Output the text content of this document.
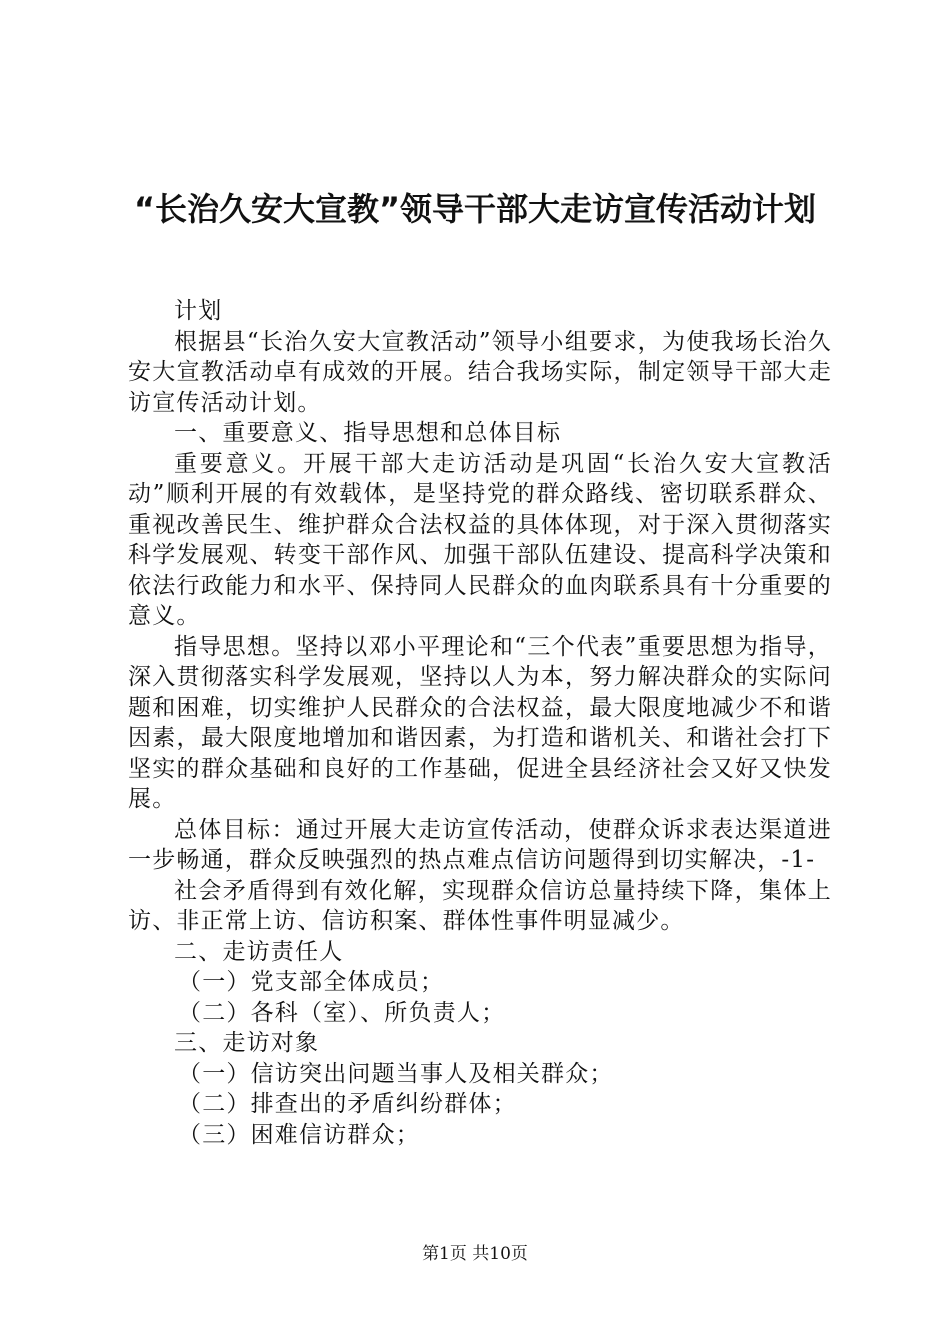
“长治久安大宣教”领导干部大走访宣传活动计划

计划

根据县“长治久安大宣教活动”领导小组要求，为使我场长治久安大宣教活动卓有成效的开展。结合我场实际，制定领导干部大走访宣传活动计划。

一、重要意义、指导思想和总体目标

重要意义。开展干部大走访活动是巩固“长治久安大宣教活动”顺利开展的有效载体，是坚持党的群众路线、密切联系群众、重视改善民生、维护群众合法权益的具体体现，对于深入贯彻落实科学发展观、转变干部作风、加强干部队伍建设、提高科学决策和依法行政能力和水平、保持同人民群众的血肉联系具有十分重要的意义。

指导思想。坚持以邓小平理论和“三个代表”重要思想为指导，深入贯彻落实科学发展观，坚持以人为本，努力解决群众的实际问题和困难，切实维护人民群众的合法权益，最大限度地减少不和谐因素，最大限度地增加和谐因素，为打造和谐机关、和谐社会打下坚实的群众基础和良好的工作基础，促进全县经济社会又好又快发展。

总体目标：通过开展大走访宣传活动，使群众诉求表达渠道进一步畅通，群众反映强烈的热点难点信访问题得到切实解决，-1-

社会矛盾得到有效化解，实现群众信访总量持续下降，集体上访、非正常上访、信访积案、群体性事件明显减少。

二、走访责任人

（一）党支部全体成员；

（二）各科（室）、所负责人；

三、走访对象

（一）信访突出问题当事人及相关群众；

（二）排查出的矛盾纠纷群体；

（三）困难信访群众；

第1页 共10页
